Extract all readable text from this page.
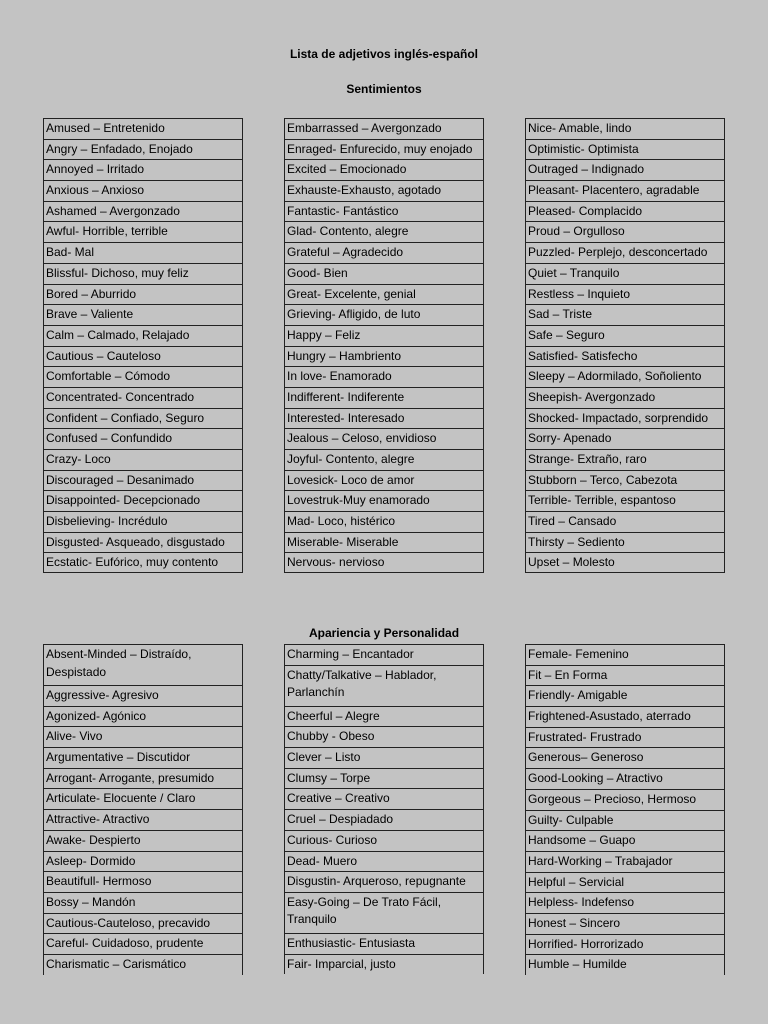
Lista de adjetivos inglés-español
Sentimientos
Amused – Entretenido
Angry – Enfadado, Enojado
Annoyed – Irritado
Anxious – Anxioso
Ashamed – Avergonzado
Awful- Horrible, terrible
Bad- Mal
Blissful- Dichoso, muy feliz
Bored – Aburrido
Brave – Valiente
Calm – Calmado, Relajado
Cautious – Cauteloso
Comfortable – Cómodo
Concentrated- Concentrado
Confident – Confiado, Seguro
Confused – Confundido
Crazy- Loco
Discouraged – Desanimado
Disappointed- Decepcionado
Disbelieving- Incrédulo
Disgusted- Asqueado, disgustado
Ecstatic- Eufórico, muy contento
Embarrassed – Avergonzado
Enraged- Enfurecido, muy enojado
Excited – Emocionado
Exhauste-Exhausto, agotado
Fantastic- Fantástico
Glad- Contento, alegre
Grateful – Agradecido
Good- Bien
Great- Excelente, genial
Grieving- Afligido, de luto
Happy – Feliz
Hungry – Hambriento
In love- Enamorado
Indifferent- Indiferente
Interested- Interesado
Jealous – Celoso, envidioso
Joyful- Contento, alegre
Lovesick- Loco de amor
Lovestruk-Muy enamorado
Mad- Loco, histérico
Miserable- Miserable
Nervous- nervioso
Nice- Amable, lindo
Optimistic- Optimista
Outraged – Indignado
Pleasant- Placentero, agradable
Pleased- Complacido
Proud – Orgulloso
Puzzled- Perplejo, desconcertado
Quiet – Tranquilo
Restless – Inquieto
Sad – Triste
Safe – Seguro
Satisfied- Satisfecho
Sleepy – Adormilado, Soñoliento
Sheepish- Avergonzado
Shocked- Impactado, sorprendido
Sorry- Apenado
Strange- Extraño, raro
Stubborn – Terco, Cabezota
Terrible- Terrible, espantoso
Tired – Cansado
Thirsty – Sediento
Upset – Molesto
Apariencia y Personalidad
Absent-Minded – Distraído, Despistado
Aggressive- Agresivo
Agonized- Agónico
Alive- Vivo
Argumentative – Discutidor
Arrogant- Arrogante, presumido
Articulate- Elocuente / Claro
Attractive- Atractivo
Awake- Despierto
Asleep- Dormido
Beautifull- Hermoso
Bossy – Mandón
Cautious-Cauteloso, precavido
Careful- Cuidadoso, prudente
Charismatic – Carismático
Charming – Encantador
Chatty/Talkative – Hablador, Parlanchín
Cheerful – Alegre
Chubby - Obeso
Clever – Listo
Clumsy – Torpe
Creative – Creativo
Cruel – Despiadado
Curious- Curioso
Dead- Muero
Disgustin- Arqueroso, repugnante
Easy-Going – De Trato Fácil, Tranquilo
Enthusiastic- Entusiasta
Fair- Imparcial, justo
Female- Femenino
Fit – En Forma
Friendly- Amigable
Frightened-Asustado, aterrado
Frustrated- Frustrado
Generous– Generoso
Good-Looking – Atractivo
Gorgeous – Precioso, Hermoso
Guilty- Culpable
Handsome – Guapo
Hard-Working – Trabajador
Helpful – Servicial
Helpless- Indefenso
Honest – Sincero
Horrified- Horrorizado
Humble – Humilde
